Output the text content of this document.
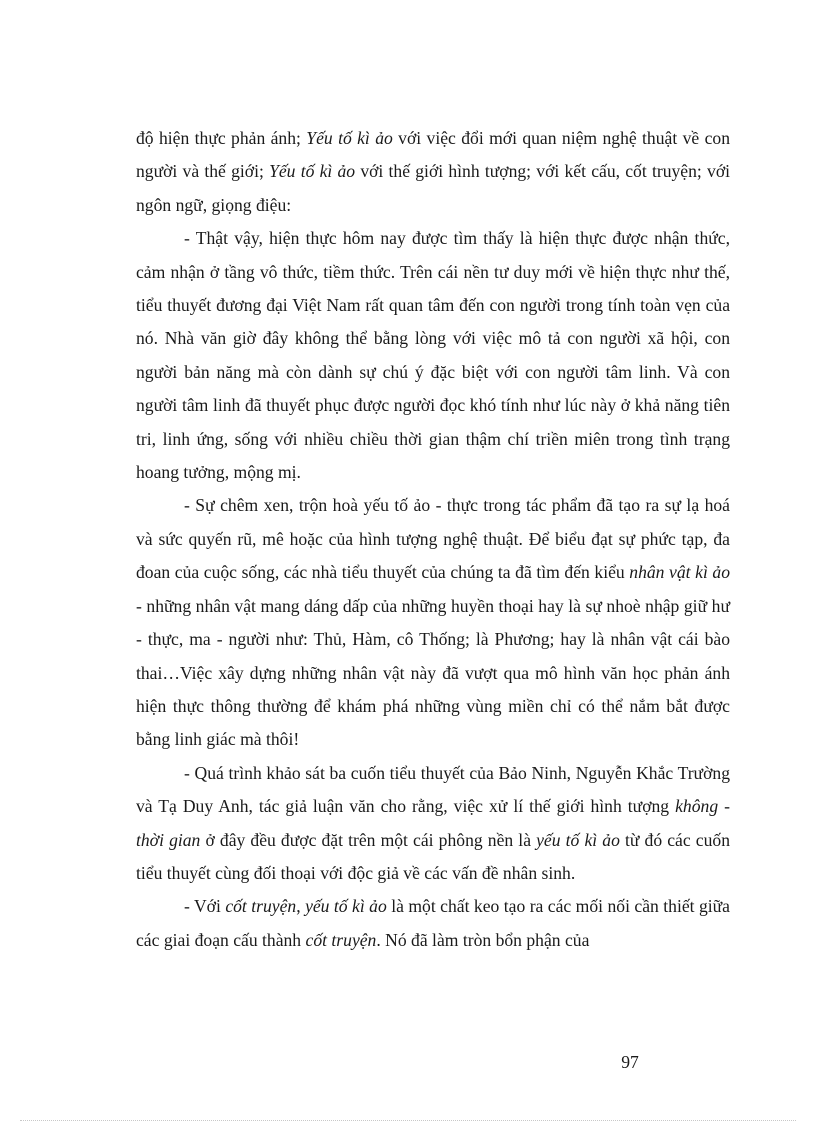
độ hiện thực phản ánh; Yếu tố kì ảo với việc đổi mới quan niệm nghệ thuật về con người và thế giới; Yếu tố kì ảo với thế giới hình tượng; với kết cấu, cốt truyện; với ngôn ngữ, giọng điệu:

- Thật vậy, hiện thực hôm nay được tìm thấy là hiện thực được nhận thức, cảm nhận ở tầng vô thức, tiềm thức. Trên cái nền tư duy mới về hiện thực như thế, tiểu thuyết đương đại Việt Nam rất quan tâm đến con người trong tính toàn vẹn của nó. Nhà văn giờ đây không thể bằng lòng với việc mô tả con người xã hội, con người bản năng mà còn dành sự chú ý đặc biệt với con người tâm linh. Và con người tâm linh đã thuyết phục được người đọc khó tính như lúc này ở khả năng tiên tri, linh ứng, sống với nhiều chiều thời gian thậm chí triền miên trong tình trạng hoang tưởng, mộng mị.

- Sự chêm xen, trộn hoà yếu tố ảo - thực trong tác phẩm đã tạo ra sự lạ hoá và sức quyến rũ, mê hoặc của hình tượng nghệ thuật. Để biểu đạt sự phức tạp, đa đoan của cuộc sống, các nhà tiểu thuyết của chúng ta đã tìm đến kiểu nhân vật kì ảo - những nhân vật mang dáng dấp của những huyền thoại hay là sự nhoè nhập giữ hư - thực, ma - người như: Thủ, Hàm, cô Thống; là Phương; hay là nhân vật cái bào thai…Việc xây dựng những nhân vật này đã vượt qua mô hình văn học phản ánh hiện thực thông thường để khám phá những vùng miền chỉ có thể nắm bắt được bằng linh giác mà thôi!

- Quá trình khảo sát ba cuốn tiểu thuyết của Bảo Ninh, Nguyễn Khắc Trường và Tạ Duy Anh, tác giả luận văn cho rằng, việc xử lí thế giới hình tượng không - thời gian ở đây đều được đặt trên một cái phông nền là yếu tố kì ảo từ đó các cuốn tiểu thuyết cùng đối thoại với độc giả về các vấn đề nhân sinh.

- Với cốt truyện, yếu tố kì ảo là một chất keo tạo ra các mối nối cần thiết giữa các giai đoạn cấu thành cốt truyện. Nó đã làm tròn bổn phận của

97
